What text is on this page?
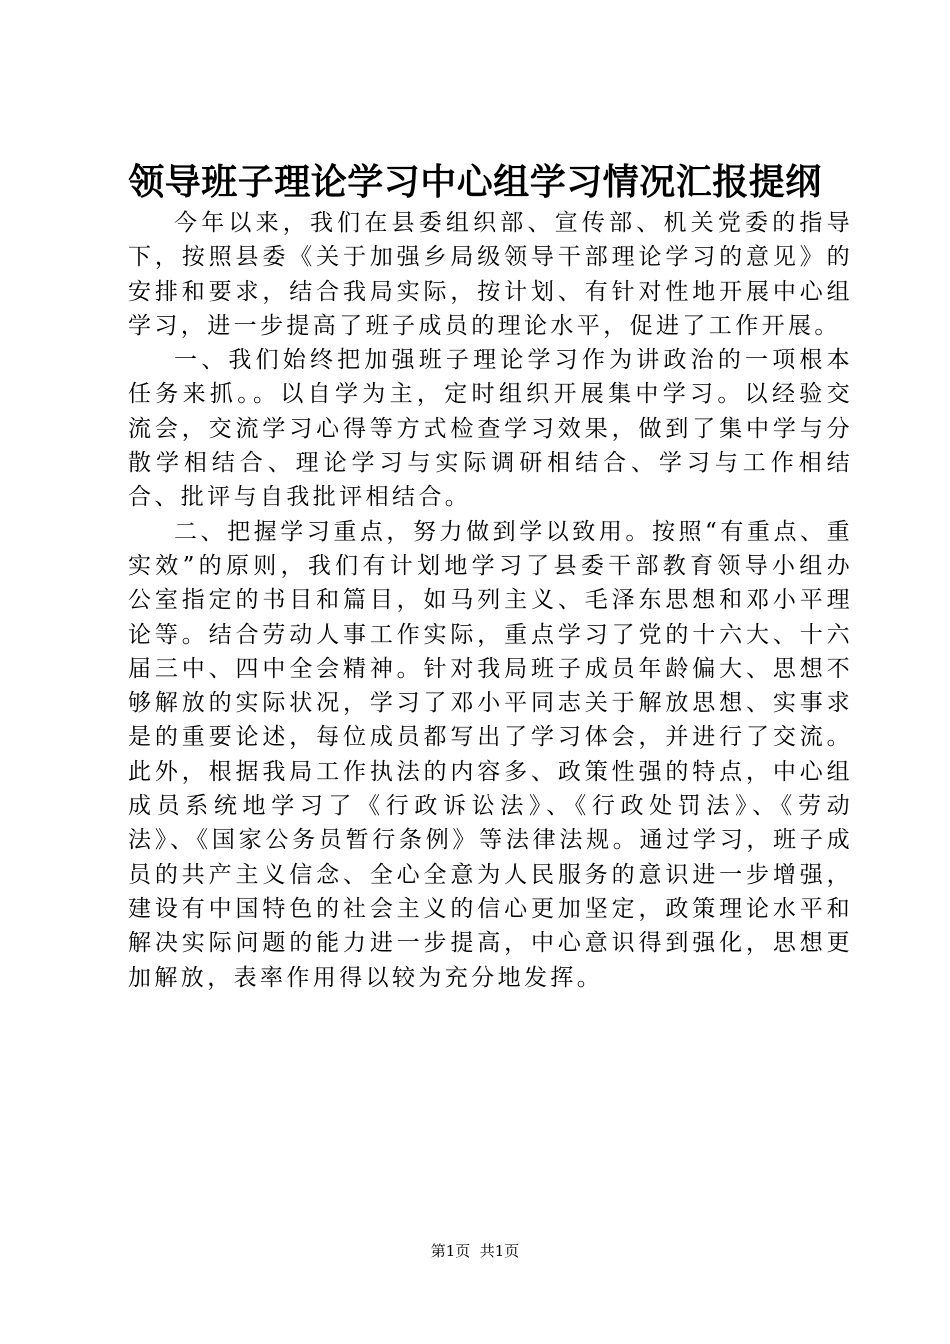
领导班子理论学习中心组学习情况汇报提纲

今年以来，我们在县委组织部、宣传部、机关党委的指导下，按照县委《关于加强乡局级领导干部理论学习的意见》的安排和要求，结合我局实际，按计划、有针对性地开展中心组学习，进一步提高了班子成员的理论水平，促进了工作开展。

一、我们始终把加强班子理论学习作为讲政治的一项根本任务来抓。。以自学为主，定时组织开展集中学习。以经验交流会，交流学习心得等方式检查学习效果，做到了集中学与分散学相结合、理论学习与实际调研相结合、学习与工作相结合、批评与自我批评相结合。

二、把握学习重点，努力做到学以致用。按照“有重点、重实效”的原则，我们有计划地学习了县委干部教育领导小组办公室指定的书目和篇目，如马列主义、毛泽东思想和邓小平理论等。结合劳动人事工作实际，重点学习了党的十六大、十六届三中、四中全会精神。针对我局班子成员年龄偏大、思想不够解放的实际状况，学习了邓小平同志关于解放思想、实事求是的重要论述，每位成员都写出了学习体会，并进行了交流。此外，根据我局工作执法的内容多、政策性强的特点，中心组成员系统地学习了《行政诉讼法》、《行政处罚法》、《劳动法》、《国家公务员暂行条例》等法律法规。通过学习，班子成员的共产主义信念、全心全意为人民服务的意识进一步增强，建设有中国特色的社会主义的信心更加坚定，政策理论水平和解决实际问题的能力进一步提高，中心意识得到强化，思想更加解放，表率作用得以较为充分地发挥。

第1页  共1页
